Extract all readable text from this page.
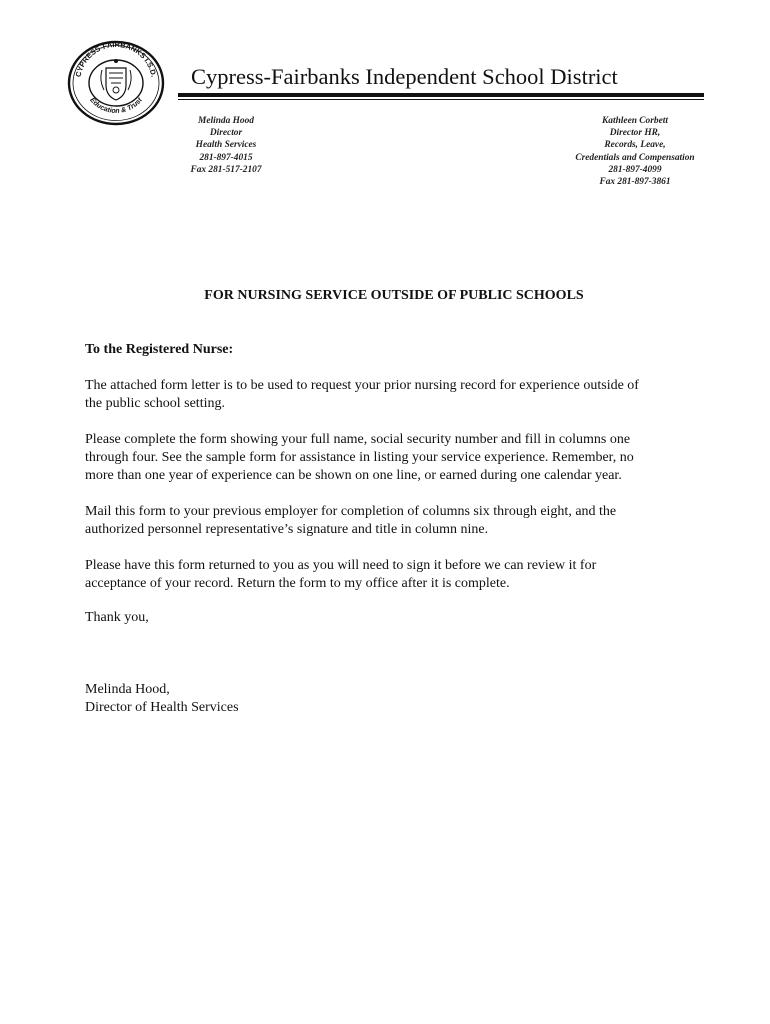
CYPRESS-FAIRBANKS I.S.D.
Education & Trust
Cypress-Fairbanks Independent School District
Melinda Hood
Director
Health Services
281-897-4015
Fax 281-517-2107
Kathleen Corbett
Director HR,
Records, Leave,
Credentials and Compensation
281-897-4099
Fax 281-897-3861
FOR NURSING SERVICE OUTSIDE OF PUBLIC SCHOOLS
To the Registered Nurse:
The attached form letter is to be used to request your prior nursing record for experience outside of
the public school setting.
Please complete the form showing your full name, social security number and fill in columns one
through four. See the sample form for assistance in listing your service experience. Remember, no
more than one year of experience can be shown on one line, or earned during one calendar year.
Mail this form to your previous employer for completion of columns six through eight, and the
authorized personnel representative’s signature and title in column nine.
Please have this form returned to you as you will need to sign it before we can review it for
acceptance of your record. Return the form to my office after it is complete.
Thank you,
Melinda Hood,
Director of Health Services
